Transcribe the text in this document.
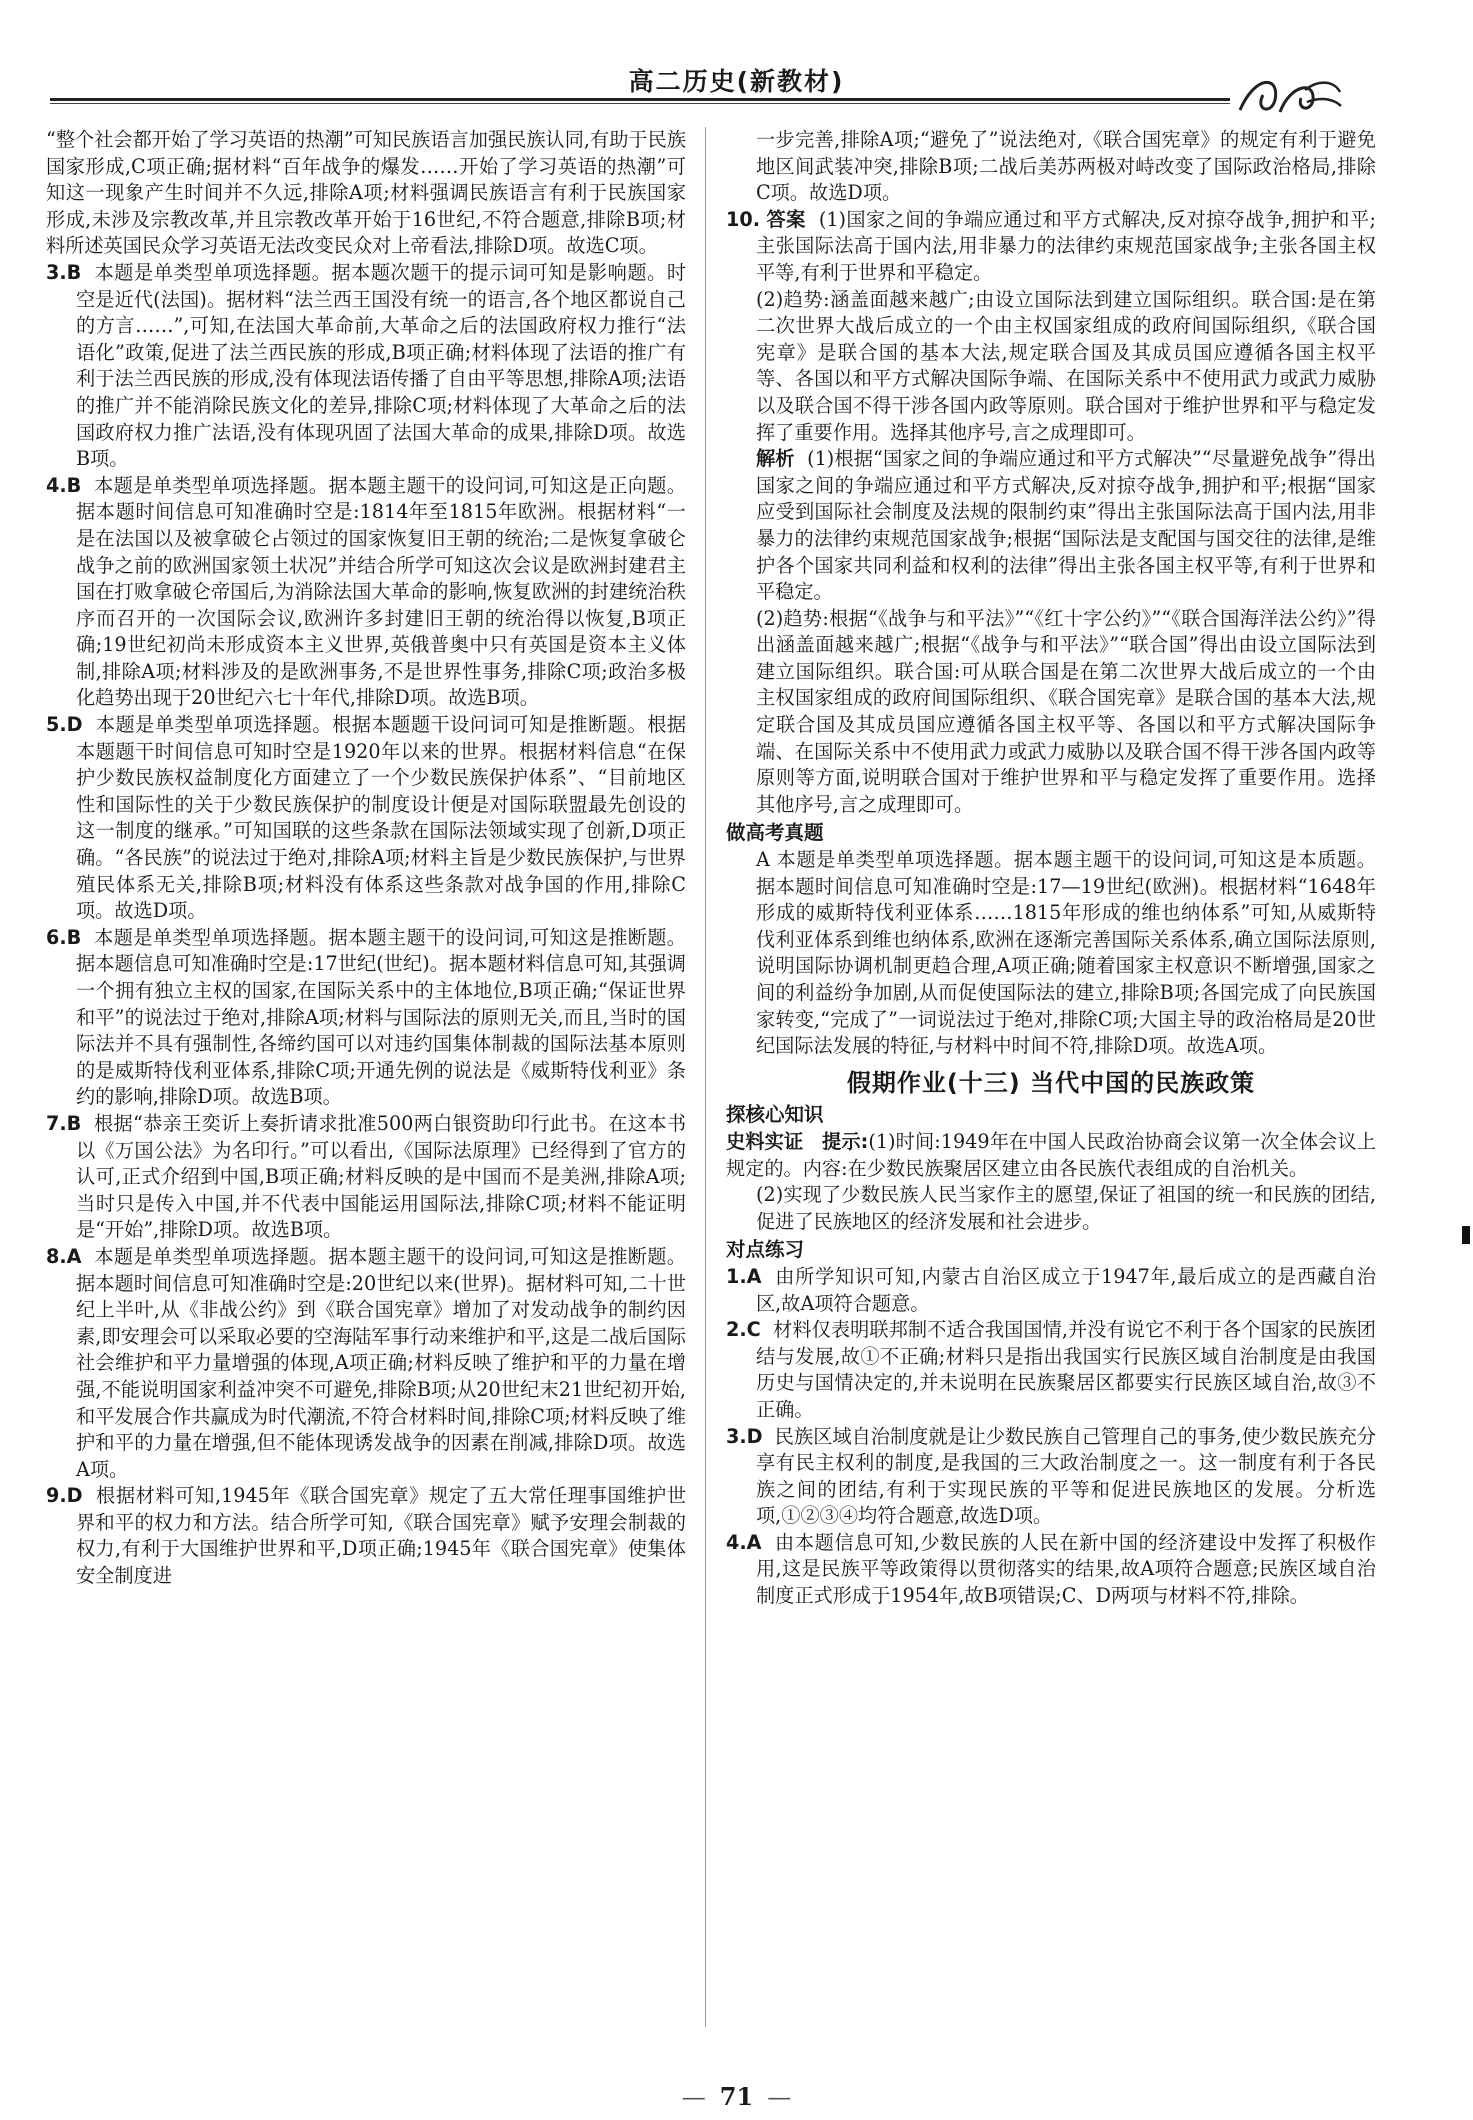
高二历史(新教材)

“整个社会都开始了学习英语的热潮”可知民族语言加强民族认同,有助于民族国家形成,C项正确;据材料“百年战争的爆发……开始了学习英语的热潮”可知这一现象产生时间并不久远,排除A项;材料强调民族语言有利于民族国家形成,未涉及宗教改革,并且宗教改革开始于16世纪,不符合题意,排除B项;材料所述英国民众学习英语无法改变民众对上帝看法,排除D项。故选C项。

3.B 本题是单类型单项选择题。据本题次题干的提示词可知是影响题。时空是近代(法国)。据材料“法兰西王国没有统一的语言,各个地区都说自己的方言……”,可知,在法国大革命前,大革命之后的法国政府权力推行“法语化”政策,促进了法兰西民族的形成,B项正确;材料体现了法语的推广有利于法兰西民族的形成,没有体现法语传播了自由平等思想,排除A项;法语的推广并不能消除民族文化的差异,排除C项;材料体现了大革命之后的法国政府权力推广法语,没有体现巩固了法国大革命的成果,排除D项。故选B项。

4.B 本题是单类型单项选择题。据本题主题干的设问词,可知这是正向题。据本题时间信息可知准确时空是:1814年至1815年欧洲。根据材料“一是在法国以及被拿破仑占领过的国家恢复旧王朝的统治;二是恢复拿破仑战争之前的欧洲国家领土状况”并结合所学可知这次会议是欧洲封建君主国在打败拿破仑帝国后,为消除法国大革命的影响,恢复欧洲的封建统治秩序而召开的一次国际会议,欧洲许多封建旧王朝的统治得以恢复,B项正确;19世纪初尚未形成资本主义世界,英俄普奥中只有英国是资本主义体制,排除A项;材料涉及的是欧洲事务,不是世界性事务,排除C项;政治多极化趋势出现于20世纪六七十年代,排除D项。故选B项。

5.D 本题是单类型单项选择题。根据本题题干设问词可知是推断题。根据本题题干时间信息可知时空是1920年以来的世界。根据材料信息“在保护少数民族权益制度化方面建立了一个少数民族保护体系”、“目前地区性和国际性的关于少数民族保护的制度设计便是对国际联盟最先创设的这一制度的继承。”可知国联的这些条款在国际法领域实现了创新,D项正确。“各民族”的说法过于绝对,排除A项;材料主旨是少数民族保护,与世界殖民体系无关,排除B项;材料没有体系这些条款对战争国的作用,排除C项。故选D项。

6.B 本题是单类型单项选择题。据本题主题干的设问词,可知这是推断题。据本题信息可知准确时空是:17世纪(世纪)。据本题材料信息可知,其强调一个拥有独立主权的国家,在国际关系中的主体地位,B项正确;“保证世界和平”的说法过于绝对,排除A项;材料与国际法的原则无关,而且,当时的国际法并不具有强制性,各缔约国可以对违约国集体制裁的国际法基本原则的是威斯特伐利亚体系,排除C项;开通先例的说法是《威斯特伐利亚》条约的影响,排除D项。故选B项。

7.B 根据“恭亲王奕䜣上奏折请求批准500两白银资助印行此书。在这本书以《万国公法》为名印行。”可以看出,《国际法原理》已经得到了官方的认可,正式介绍到中国,B项正确;材料反映的是中国而不是美洲,排除A项;当时只是传入中国,并不代表中国能运用国际法,排除C项;材料不能证明是“开始”,排除D项。故选B项。

8.A 本题是单类型单项选择题。据本题主题干的设问词,可知这是推断题。据本题时间信息可知准确时空是:20世纪以来(世界)。据材料可知,二十世纪上半叶,从《非战公约》到《联合国宪章》增加了对发动战争的制约因素,即安理会可以采取必要的空海陆军事行动来维护和平,这是二战后国际社会维护和平力量增强的体现,A项正确;材料反映了维护和平的力量在增强,不能说明国家利益冲突不可避免,排除B项;从20世纪末21世纪初开始,和平发展合作共赢成为时代潮流,不符合材料时间,排除C项;材料反映了维护和平的力量在增强,但不能体现诱发战争的因素在削减,排除D项。故选A项。

9.D 根据材料可知,1945年《联合国宪章》规定了五大常任理事国维护世界和平的权力和方法。结合所学可知,《联合国宪章》赋予安理会制裁的权力,有利于大国维护世界和平,D项正确;1945年《联合国宪章》使集体安全制度进

一步完善,排除A项;“避免了”说法绝对,《联合国宪章》的规定有利于避免地区间武装冲突,排除B项;二战后美苏两极对峙改变了国际政治格局,排除C项。故选D项。

10. 答案 (1)国家之间的争端应通过和平方式解决,反对掠夺战争,拥护和平;主张国际法高于国内法,用非暴力的法律约束规范国家战争;主张各国主权平等,有利于世界和平稳定。

(2)趋势:涵盖面越来越广;由设立国际法到建立国际组织。联合国:是在第二次世界大战后成立的一个由主权国家组成的政府间国际组织,《联合国宪章》是联合国的基本大法,规定联合国及其成员国应遵循各国主权平等、各国以和平方式解决国际争端、在国际关系中不使用武力或武力威胁以及联合国不得干涉各国内政等原则。联合国对于维护世界和平与稳定发挥了重要作用。选择其他序号,言之成理即可。

解析 (1)根据“国家之间的争端应通过和平方式解决”“尽量避免战争”得出国家之间的争端应通过和平方式解决,反对掠夺战争,拥护和平;根据“国家应受到国际社会制度及法规的限制约束”得出主张国际法高于国内法,用非暴力的法律约束规范国家战争;根据“国际法是支配国与国交往的法律,是维护各个国家共同利益和权利的法律”得出主张各国主权平等,有利于世界和平稳定。

(2)趋势:根据“《战争与和平法》”“《红十字公约》”“《联合国海洋法公约》”得出涵盖面越来越广;根据“《战争与和平法》”“联合国”得出由设立国际法到建立国际组织。联合国:可从联合国是在第二次世界大战后成立的一个由主权国家组成的政府间国际组织、《联合国宪章》是联合国的基本大法,规定联合国及其成员国应遵循各国主权平等、各国以和平方式解决国际争端、在国际关系中不使用武力或武力威胁以及联合国不得干涉各国内政等原则等方面,说明联合国对于维护世界和平与稳定发挥了重要作用。选择其他序号,言之成理即可。

做高考真题

A 本题是单类型单项选择题。据本题主题干的设问词,可知这是本质题。据本题时间信息可知准确时空是:17—19世纪(欧洲)。根据材料“1648年形成的威斯特伐利亚体系……1815年形成的维也纳体系”可知,从威斯特伐利亚体系到维也纳体系,欧洲在逐渐完善国际关系体系,确立国际法原则,说明国际协调机制更趋合理,A项正确;随着国家主权意识不断增强,国家之间的利益纷争加剧,从而促使国际法的建立,排除B项;各国完成了向民族国家转变,“完成了”一词说法过于绝对,排除C项;大国主导的政治格局是20世纪国际法发展的特征,与材料中时间不符,排除D项。故选A项。

假期作业(十三) 当代中国的民族政策

探核心知识

史料实证 提示:(1)时间:1949年在中国人民政治协商会议第一次全体会议上规定的。内容:在少数民族聚居区建立由各民族代表组成的自治机关。

(2)实现了少数民族人民当家作主的愿望,保证了祖国的统一和民族的团结,促进了民族地区的经济发展和社会进步。

对点练习

1.A 由所学知识可知,内蒙古自治区成立于1947年,最后成立的是西藏自治区,故A项符合题意。

2.C 材料仅表明联邦制不适合我国国情,并没有说它不利于各个国家的民族团结与发展,故①不正确;材料只是指出我国实行民族区域自治制度是由我国历史与国情决定的,并未说明在民族聚居区都要实行民族区域自治,故③不正确。

3.D 民族区域自治制度就是让少数民族自己管理自己的事务,使少数民族充分享有民主权利的制度,是我国的三大政治制度之一。这一制度有利于各民族之间的团结,有利于实现民族的平等和促进民族地区的发展。分析选项,①②③④均符合题意,故选D项。

4.A 由本题信息可知,少数民族的人民在新中国的经济建设中发挥了积极作用,这是民族平等政策得以贯彻落实的结果,故A项符合题意;民族区域自治制度正式形成于1954年,故B项错误;C、D两项与材料不符,排除。

— 71 —
